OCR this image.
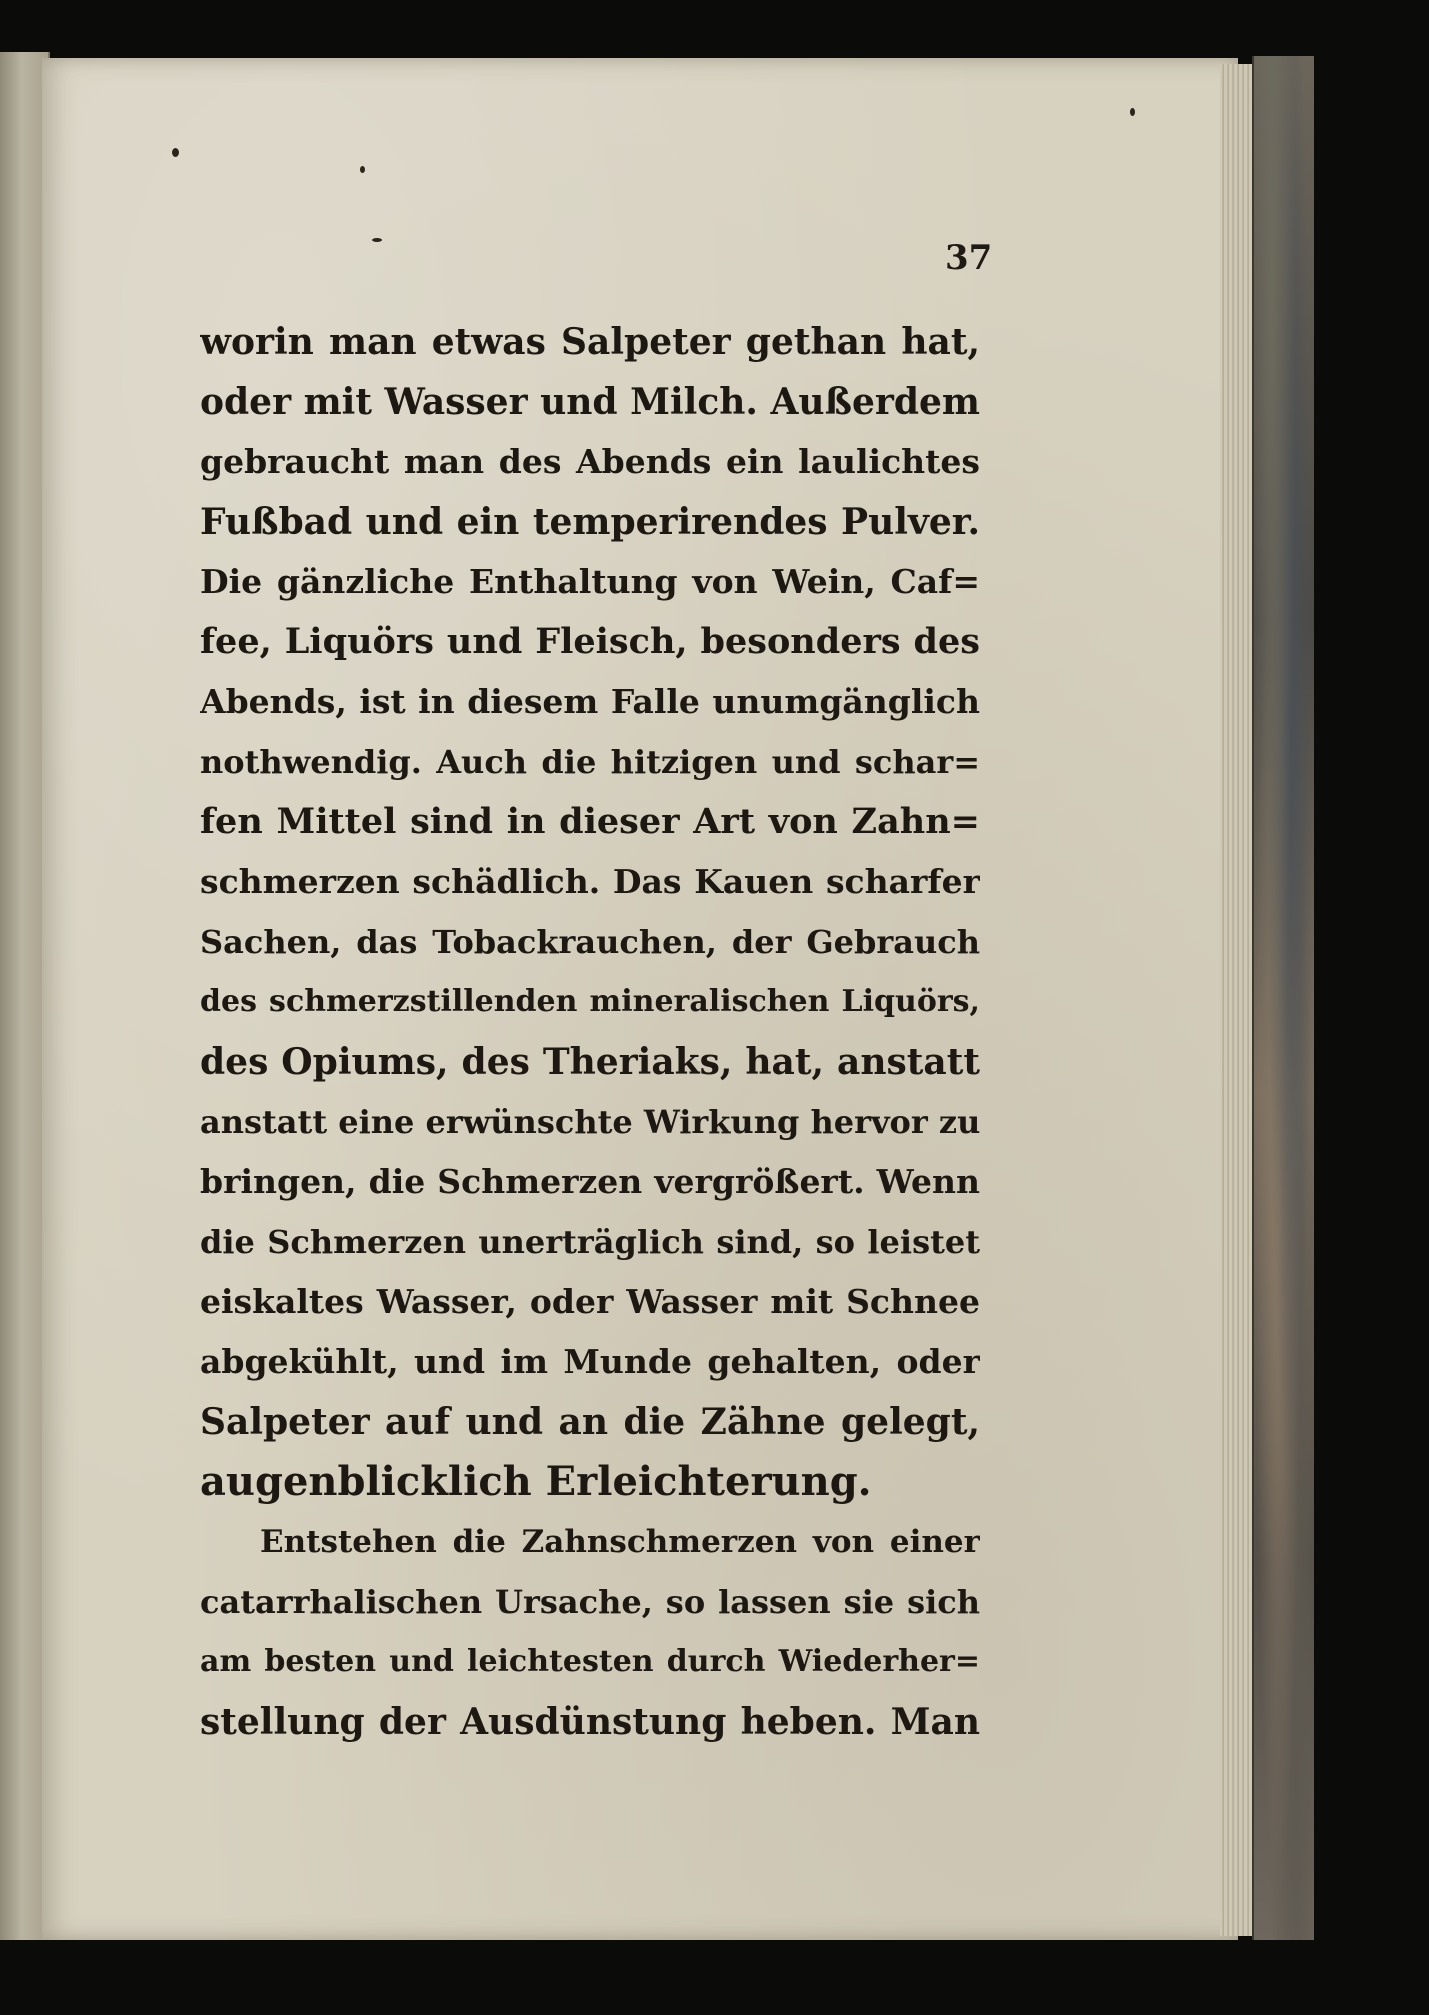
37
worin man etwas Salpeter gethan hat,
oder mit Wasser und Milch. Außerdem
gebraucht man des Abends ein laulichtes
Fußbad und ein temperirendes Pulver.
Die gänzliche Enthaltung von Wein, Caf=
fee, Liquörs und Fleisch, besonders des
Abends, ist in diesem Falle unumgänglich
nothwendig. Auch die hitzigen und schar=
fen Mittel sind in dieser Art von Zahn=
schmerzen schädlich. Das Kauen scharfer
Sachen, das Tobackrauchen, der Gebrauch
des schmerzstillenden mineralischen Liquörs,
des Opiums, des Theriaks, hat, anstatt
anstatt eine erwünschte Wirkung hervor zu
bringen, die Schmerzen vergrößert. Wenn
die Schmerzen unerträglich sind, so leistet
eiskaltes Wasser, oder Wasser mit Schnee
abgekühlt, und im Munde gehalten, oder
Salpeter auf und an die Zähne gelegt,
augenblicklich Erleichterung.
Entstehen die Zahnschmerzen von einer
catarrhalischen Ursache, so lassen sie sich
am besten und leichtesten durch Wiederher=
stellung der Ausdünstung heben. Man
